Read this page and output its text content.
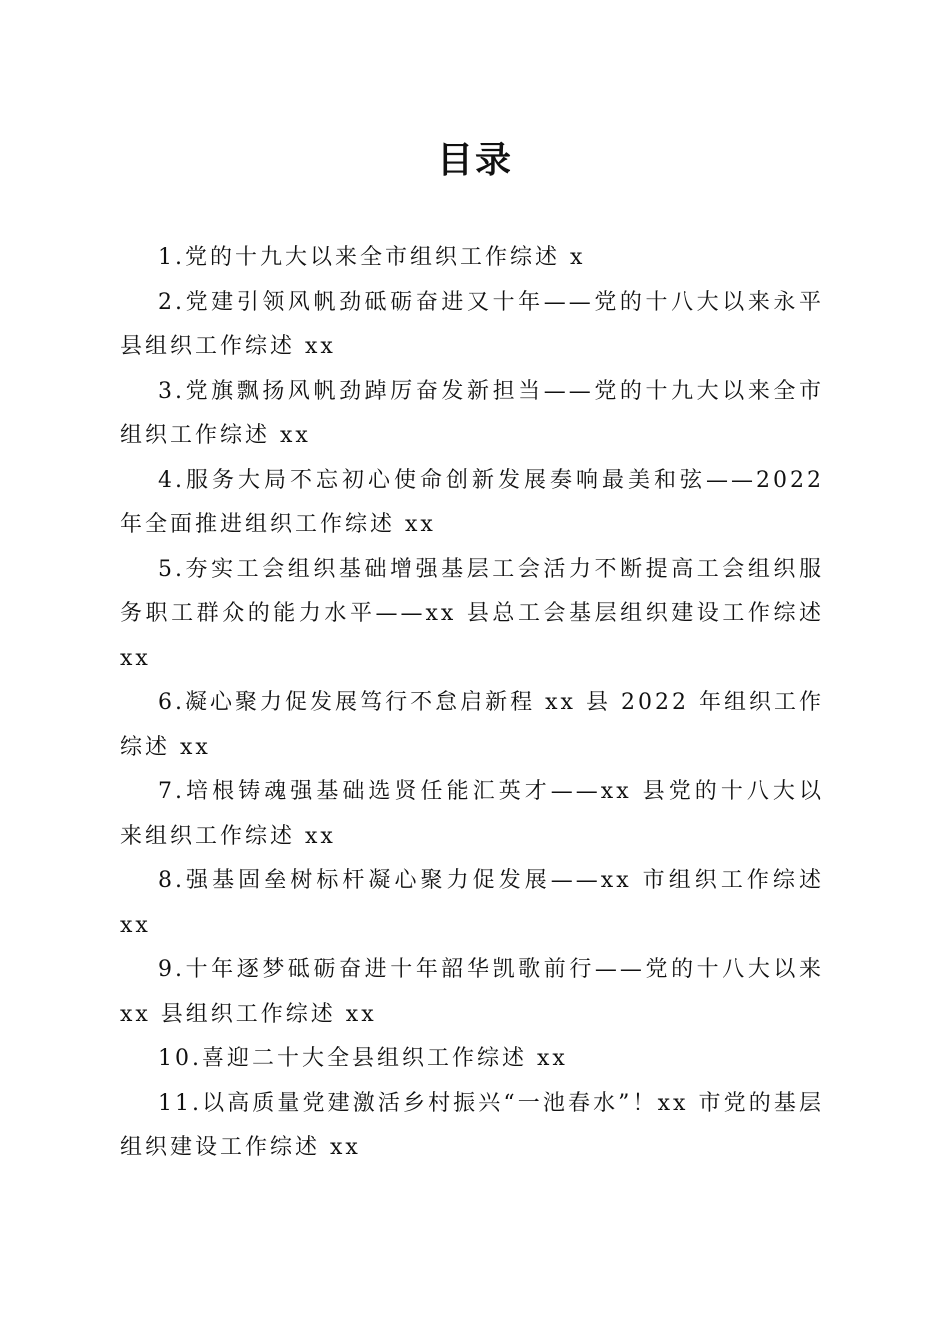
目录
1.党的十九大以来全市组织工作综述 x
2.党建引领风帆劲砥砺奋进又十年——党的十八大以来永平县组织工作综述 xx
3.党旗飘扬风帆劲踔厉奋发新担当——党的十九大以来全市组织工作综述 xx
4.服务大局不忘初心使命创新发展奏响最美和弦——2022年全面推进组织工作综述 xx
5.夯实工会组织基础增强基层工会活力不断提高工会组织服务职工群众的能力水平——xx 县总工会基层组织建设工作综述 xx
6.凝心聚力促发展笃行不怠启新程 xx 县 2022 年组织工作综述 xx
7.培根铸魂强基础选贤任能汇英才——xx 县党的十八大以来组织工作综述 xx
8.强基固垒树标杆凝心聚力促发展——xx 市组织工作综述 xx
9.十年逐梦砥砺奋进十年韶华凯歌前行——党的十八大以来 xx 县组织工作综述 xx
10.喜迎二十大全县组织工作综述 xx
11.以高质量党建激活乡村振兴“一池春水”！xx 市党的基层组织建设工作综述 xx
